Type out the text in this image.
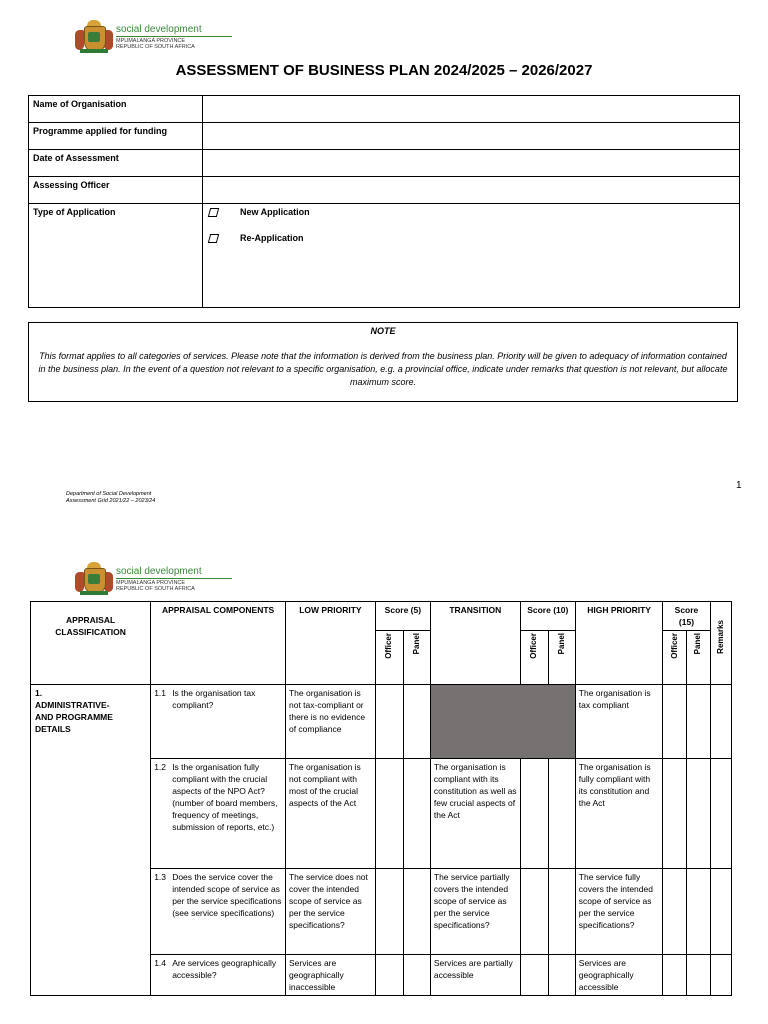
social development
MPUMALANGA PROVINCE
REPUBLIC OF SOUTH AFRICA
ASSESSMENT OF BUSINESS PLAN 2024/2025 – 2026/2027
Name of Organisation	
Programme applied for funding	
Date of Assessment	
Assessing Officer	
Type of Application	New Application
Re-Application
NOTE
This format applies to all categories of services. Please note that the information is derived from the business plan. Priority will be given to adequacy of information contained in the business plan. In the event of a question not relevant to a specific organisation, e.g. a provincial office, indicate under remarks that question is not relevant, but allocate maximum score.
Department of Social Development
Assessment Grid 2021/22 – 2023/24
1
social development
MPUMALANGA PROVINCE
REPUBLIC OF SOUTH AFRICA
APPRAISAL CLASSIFICATION	APPRAISAL COMPONENTS	LOW PRIORITY	Score (5)		TRANSITION	Score (10)		HIGH PRIORITY	Score (15)		Remarks

			Officer	Panel		Officer	Panel		Officer	Panel	

1. ADMINISTRATIVE-AND PROGRAMME DETAILS	1.1 Is the organisation tax compliant?	The organisation is not tax-compliant or there is no evidence of compliance						The organisation is tax compliant			

	1.2 Is the organisation fully compliant with the crucial aspects of the NPO Act? (number of board members, frequency of meetings, submission of reports, etc.)	The organisation is not compliant with most of the crucial aspects of the Act			The organisation is compliant with its constitution as well as few crucial aspects of the Act			The organisation is fully compliant with its constitution and the Act			

	1.3 Does the service cover the intended scope of service as per the service specifications (see service specifications)	The service does not cover the intended scope of service as per the service specifications?			The service partially covers the intended scope of service as per the service specifications?			The service fully covers the intended scope of service as per the service specifications?			

	1.4 Are services geographically accessible?	Services are geographically inaccessible			Services are partially accessible			Services are geographically accessible			
